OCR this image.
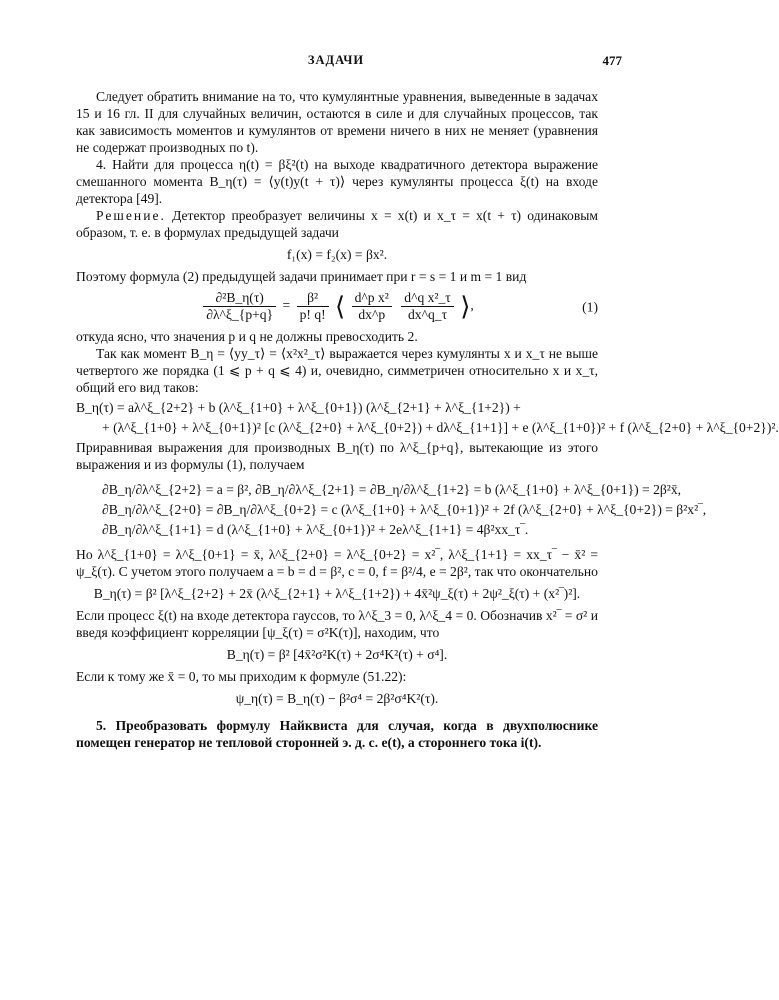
ЗАДАЧИ	477

Следует обратить внимание на то, что кумулянтные уравнения, выведенные в задачах 15 и 16 гл. II для случайных величин, остаются в силе и для случайных процессов, так как зависимость моментов и кумулянтов от времени ничего в них не меняет (уравнения не содержат производных по t).

4. Найти для процесса η(t) = βξ²(t) на выходе квадратичного детектора выражение смешанного момента B_η(τ) = ⟨y(t)y(t + τ)⟩ через кумулянты процесса ξ(t) на входе детектора [49].

Решение. Детектор преобразует величины x = x(t) и x_τ = x(t + τ) одинаковым образом, т. е. в формулах предыдущей задачи

f₁(x) = f₂(x) = βx².

Поэтому формула (2) предыдущей задачи принимает при r = s = 1 и m = 1 вид

$\frac{\text{∂²B\_η(τ)}}{\partial\lambda\^{}\xi\_\{p+q\}} = \frac{\text{β²}}{p! q!}$ ⟨ $\frac{\text{d\textasciicircum{}p x²}}{dx\^{}p}$
$\frac{\text{d\textasciicircum{}q x²\_τ}}{dx\^{}q\_\tau}$ ⟩,	(1)

откуда ясно, что значения p и q не должны превосходить 2.

Так как момент B_η = ⟨yy_τ⟩ = ⟨x²x²_τ⟩ выражается через кумулянты x и x_τ не выше четвертого же порядка (1 ⩽ p + q ⩽ 4) и, очевидно, симметричен относительно x и x_τ, общий его вид таков:

B_η(τ) = aλ^ξ_{2+2} + b (λ^ξ_{1+0} + λ^ξ_{0+1}) (λ^ξ_{2+1} + λ^ξ_{1+2}) +
+ (λ^ξ_{1+0} + λ^ξ_{0+1})² [c (λ^ξ_{2+0} + λ^ξ_{0+2}) + dλ^ξ_{1+1}] + e (λ^ξ_{1+0})² + f (λ^ξ_{2+0} + λ^ξ_{0+2})².

Приравнивая выражения для производных B_η(τ) по λ^ξ_{p+q}, вытекающие из этого выражения и из формулы (1), получаем

∂B_η/∂λ^ξ_{2+2} = a = β², ∂B_η/∂λ^ξ_{2+1} = ∂B_η/∂λ^ξ_{1+2} = b (λ^ξ_{1+0} + λ^ξ_{0+1}) = 2β²x̄,
∂B_η/∂λ^ξ_{2+0} = ∂B_η/∂λ^ξ_{0+2} = c (λ^ξ_{1+0} + λ^ξ_{0+1})² + 2f (λ^ξ_{2+0} + λ^ξ_{0+2}) = β²x²‾,
∂B_η/∂λ^ξ_{1+1} = d (λ^ξ_{1+0} + λ^ξ_{0+1})² + 2eλ^ξ_{1+1} = 4β²xx_τ‾.

Но λ^ξ_{1+0} = λ^ξ_{0+1} = x̄, λ^ξ_{2+0} = λ^ξ_{0+2} = x²‾, λ^ξ_{1+1} = xx_τ‾ − x̄² = ψ_ξ(τ). С учетом этого получаем a = b = d = β², c = 0, f = β²/4, e = 2β², так что окончательно

B_η(τ) = β² [λ^ξ_{2+2} + 2x̄ (λ^ξ_{2+1} + λ^ξ_{1+2}) + 4x̄²ψ_ξ(τ) + 2ψ²_ξ(τ) + (x²‾)²].

Если процесс ξ(t) на входе детектора гауссов, то λ^ξ_3 = 0, λ^ξ_4 = 0. Обозначив x²‾ = σ² и введя коэффициент корреляции [ψ_ξ(τ) = σ²K(τ)], находим, что

B_η(τ) = β² [4x̄²σ²K(τ) + 2σ⁴K²(τ) + σ⁴].

Если к тому же x̄ = 0, то мы приходим к формуле (51.22):

ψ_η(τ) = B_η(τ) − β²σ⁴ = 2β²σ⁴K²(τ).

5. Преобразовать формулу Найквиста для случая, когда в двухполюснике помещен генератор не тепловой сторонней э. д. с. e(t), а стороннего тока i(t).
